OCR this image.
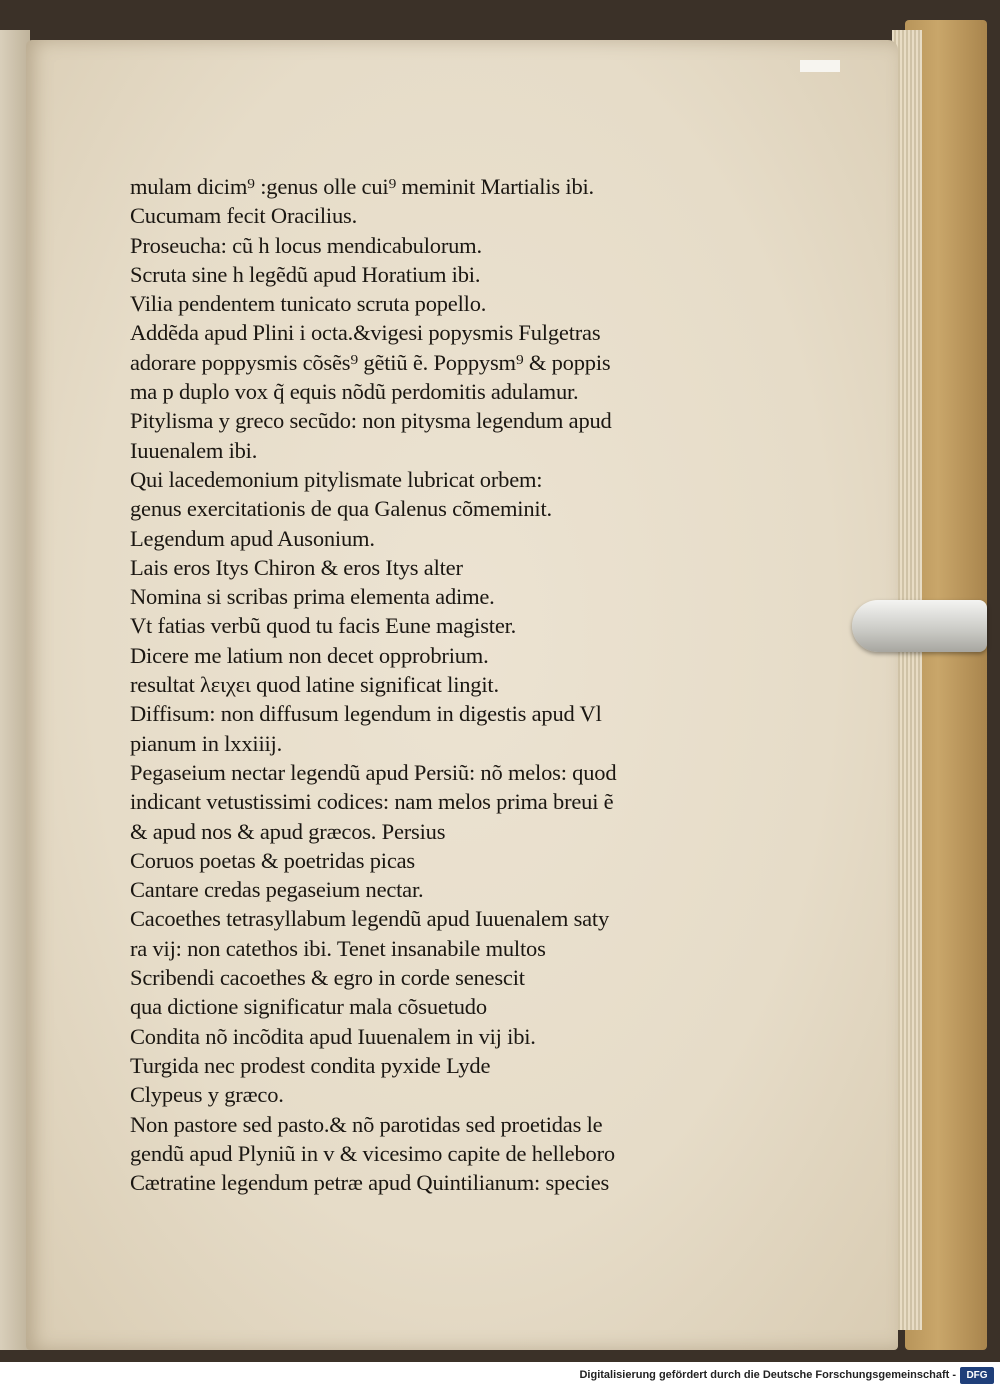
mulam dicim⁹ :genus olle cui⁹ meminit Martialis ibi.
Cucumam fecit Oracilius.
Proseucha: cũ h locus mendicabulorum.
Scruta sine h legẽdũ apud Horatium ibi.
Vilia pendentem tunicato scruta popello.
Addẽda apud Plini i octa.&vigesi popysmis Fulgetras
adorare poppysmis cõsẽs⁹ gẽtiũ ẽ. Poppysm⁹ & poppis
ma p duplo vox q̃ equis nõdũ perdomitis adulamur.
Pitylisma y greco secũdo: non pitysma legendum apud
Iuuenalem ibi.
Qui lacedemonium pitylismate lubricat orbem:
genus exercitationis de qua Galenus cõmeminit.
Legendum apud Ausonium.
Lais eros Itys Chiron & eros Itys alter
Nomina si scribas prima elementa adime.
Vt fatias verbũ quod tu facis Eune magister.
Dicere me latium non decet opprobrium.
resultat λειχει quod latine significat lingit.
Diffisum: non diffusum legendum in digestis apud Vl
pianum in lxxiiij.
Pegaseium nectar legendũ apud Persiũ: nõ melos: quod
indicant vetustissimi codices: nam melos prima breui ẽ
& apud nos & apud græcos. Persius
Coruos poetas & poetridas picas
Cantare credas pegaseium nectar.
Cacoethes tetrasyllabum legendũ apud Iuuenalem saty
ra vij: non catethos ibi. Tenet insanabile multos
Scribendi cacoethes & egro in corde senescit
qua dictione significatur mala cõsuetudo
Condita nõ incõdita apud Iuuenalem in vij ibi.
Turgida nec prodest condita pyxide Lyde
Clypeus y græco.
Non pastore sed pasto.& nõ parotidas sed proetidas le
gendũ apud Plyniũ in v & vicesimo capite de helleboro
Cætratine legendum petræ apud Quintilianum: species
Digitalisierung gefördert durch die Deutsche Forschungsgemeinschaft -	DFG
